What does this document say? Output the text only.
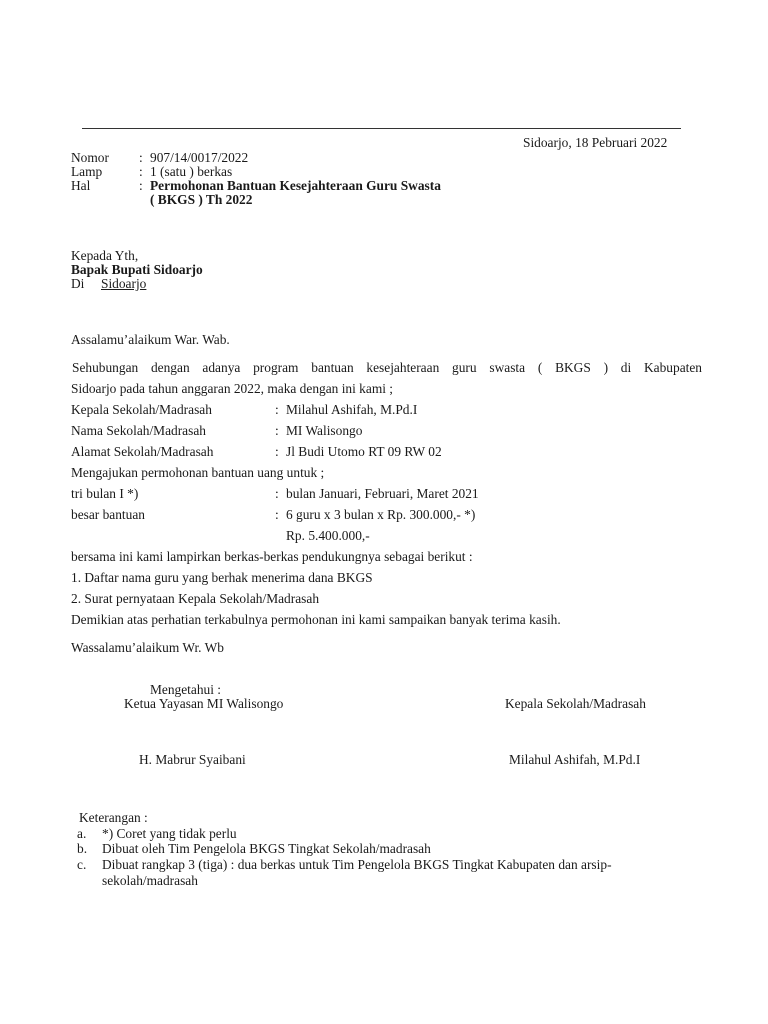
Sidoarjo, 18 Pebruari 2022
Nomor : 907/14/0017/2022
Lamp	: 1 (satu ) berkas
Hal	: Permohonan Bantuan Kesejahteraan Guru Swasta
( BKGS ) Th 2022
Kepada Yth,
Bapak Bupati Sidoarjo
Di Sidoarjo
Assalamu’alaikum War. Wab.
Sehubungan dengan adanya program bantuan kesejahteraan guru swasta ( BKGS ) di Kabupaten
Sidoarjo pada tahun anggaran 2022, maka dengan ini kami ;
Kepala Sekolah/Madrasah	: Milahul Ashifah, M.Pd.I
Nama Sekolah/Madrasah	: MI Walisongo
Alamat Sekolah/Madrasah	: Jl Budi Utomo RT 09 RW 02
Mengajukan permohonan bantuan uang untuk ;
tri bulan I *)	: bulan Januari, Februari, Maret 2021
besar bantuan	: 6 guru x 3 bulan x Rp. 300.000,- *)
Rp. 5.400.000,-
bersama ini kami lampirkan berkas-berkas pendukungnya sebagai berikut :
1. Daftar nama guru yang berhak menerima dana BKGS
2. Surat pernyataan Kepala Sekolah/Madrasah
Demikian atas perhatian terkabulnya permohonan ini kami sampaikan banyak terima kasih.
Wassalamu’alaikum Wr. Wb
Mengetahui :
Ketua Yayasan MI Walisongo	Kepala Sekolah/Madrasah
H. Mabrur Syaibani	Milahul Ashifah, M.Pd.I
Keterangan :
a. *) Coret yang tidak perlu
b. Dibuat oleh Tim Pengelola BKGS Tingkat Sekolah/madrasah
c. Dibuat rangkap 3 (tiga) : dua berkas untuk Tim Pengelola BKGS Tingkat Kabupaten dan arsip-
sekolah/madrasah
